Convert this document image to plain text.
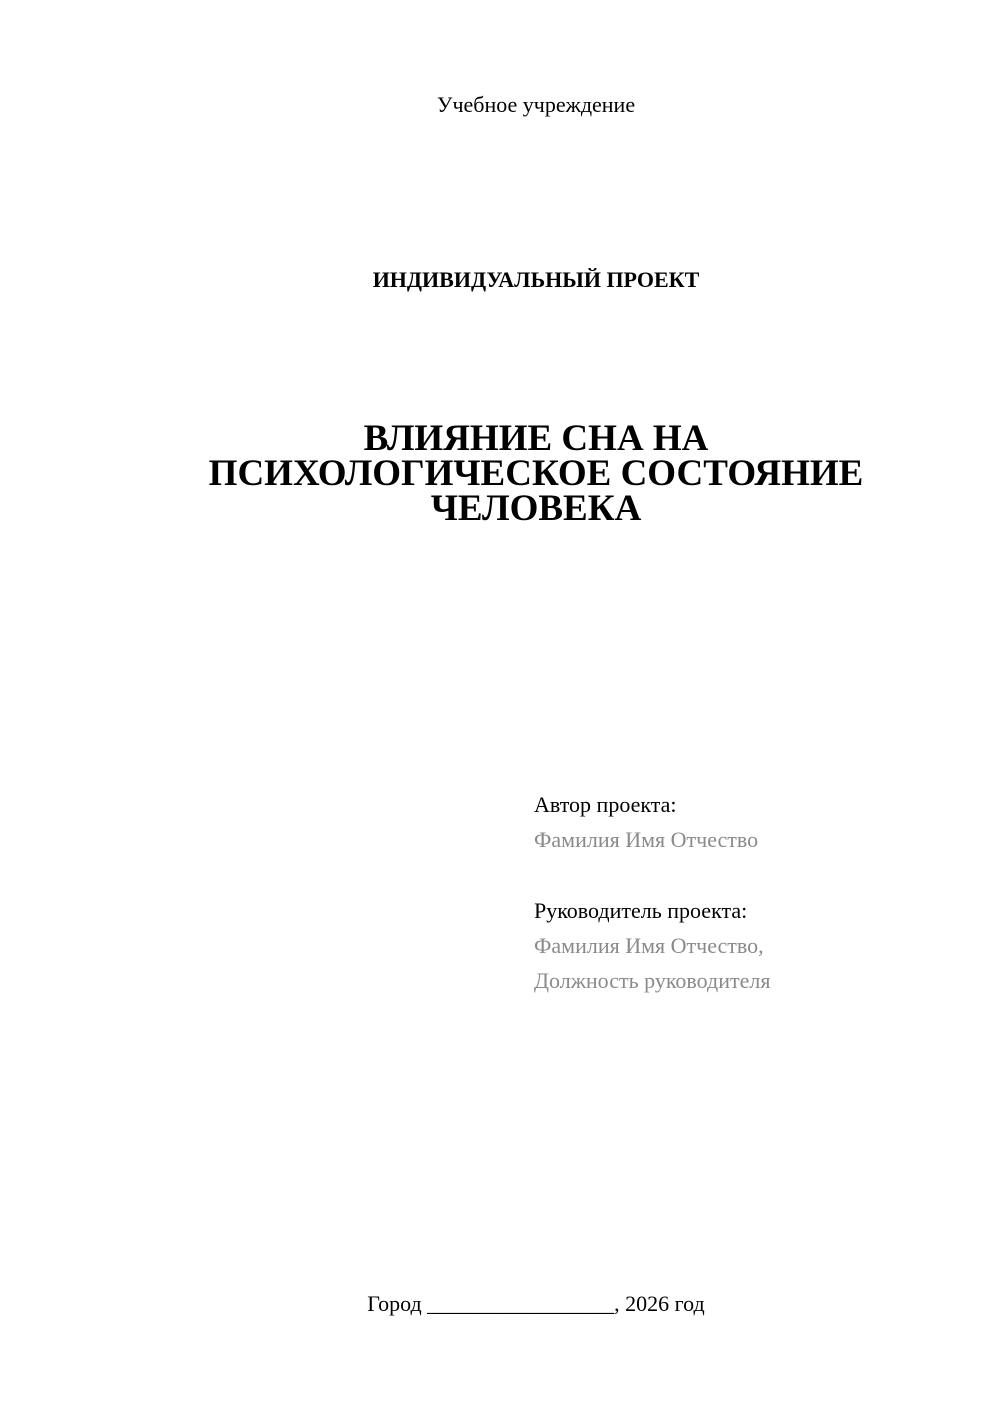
Учебное учреждение
ИНДИВИДУАЛЬНЫЙ ПРОЕКТ
ВЛИЯНИЕ СНА НА
ПСИХОЛОГИЧЕСКОЕ СОСТОЯНИЕ
ЧЕЛОВЕКА
Автор проекта:
Фамилия Имя Отчество
Руководитель проекта:
Фамилия Имя Отчество,
Должность руководителя
Город _________________, 2026 год
